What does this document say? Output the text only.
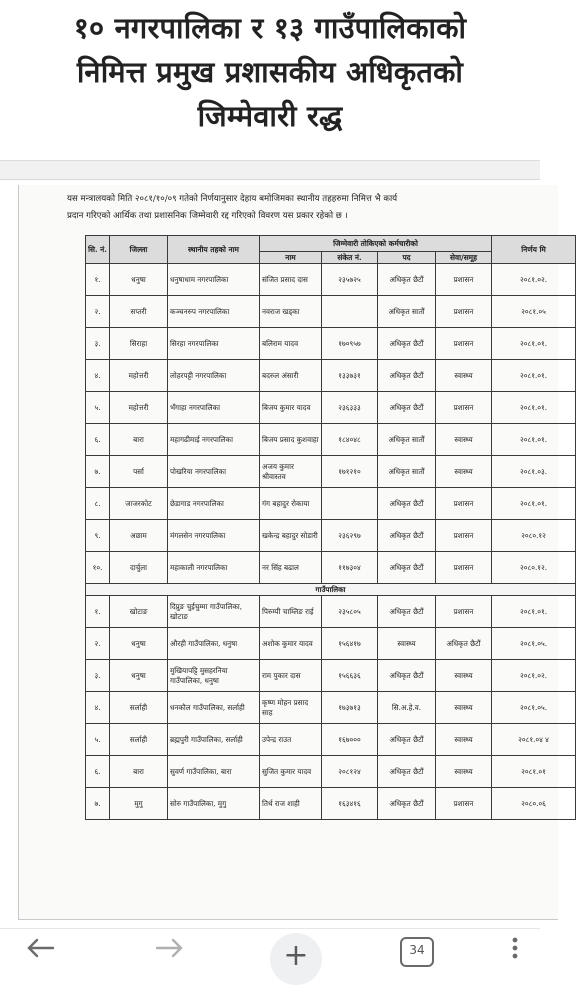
१० नगरपालिका र १३ गाउँपालिकाको
निमित्त प्रमुख प्रशासकीय अधिकृतको
जिम्मेवारी रद्ध
यस मन्त्रालयको मिति २०८१/१०/०९ गतेको निर्णयानुसार देहाय बमोजिमका स्थानीय तहहरुमा निमित्त भै कार्य
प्रदान गरिएको आर्थिक तथा प्रशासनिक जिम्मेवारी रद्द गरिएको विवरण यस प्रकार रहेको छ ।
सि. नं.	जिल्ला	स्थानीय तहको नाम	जिम्मेवारी तोकिएको कर्मचारीको				निर्णय मि
			नाम	संकेत नं.	पद	सेवा/समूह	
१.	धनुषा	धनुषाधाम नगरपालिका	संजित प्रसाद दास	२३५७२५	अधिकृत छैटौं	प्रशासन	२०८१.०२.
२.	सप्तरी	कञ्चनरुप नगरपालिका	नवराज खड्का		अधिकृत सातौं	प्रशासन	२०८१.०५
३.	सिराहा	सिरहा नगरपालिका	बलिराम यादव	१७०९५७	अधिकृत छैटौं	प्रशासन	२०८१.०१.
४.	महोत्तरी	लोहरपट्टी नगरपालिका	बदरुल अंसारी	१३३७३१	अधिकृत छैटौं	स्वास्थ्य	२०८१.०१.
५.	महोत्तरी	भँगाहा नगरपालिका	बिजय कुमार यादव	२३६३३३	अधिकृत छैटौं	प्रशासन	२०८१.०१.
६.	बारा	महागढीमाई नगरपालिका	बिजय प्रसाद कुशवाहा	१८४०४८	अधिकृत सातौं	स्वास्थ्य	२०८१.०१.
७.	पर्सा	पोखरिया नगरपालिका	अजय कुमार श्रीवास्तव	१७१२१०	अधिकृत सातौं	स्वास्थ्य	२०८१.०३.
८.	जाजरकोट	छेडागाड नगरपालिका	गंग बहादुर रोकाया		अधिकृत छैटौं	प्रशासन	२०८१.०१.
९.	अछाम	मंगलसेन नगरपालिका	खकेन्द्र बहादुर सोडारी	२३६२९७	अधिकृत छैटौं	प्रशासन	२०८०.१२
१०.	दार्चुला	महाकाली नगरपालिका	नर सिंह बढाल	११७३०४	अधिकृत छैटौं	प्रशासन	२०८०.१२.
गाउँपालिका							
१.	खोटाङ	दिप्रुङ चुईचुम्मा गाउँपालिका, खोटाङ	पिरुम्पी चाम्लिङ राई	२३५८०५	अधिकृत छैटौं	प्रशासन	२०८१.०१.
२.	धनुषा	औरही गाउँपालिका, धनुषा	अशोक कुमार यादव	१५६४१७	स्वास्थ्य	अधिकृत छैटौं	२०८१.०५.
३.	धनुषा	मुखियापट्टि मुसहरनिया गाउँपालिका, धनुषा	राम पुकार दास	१५६६३६	अधिकृत छैटौं	स्वास्थ्य	२०८१.०२.
४.	सर्लाही	धनकौल गाउँपालिका, सर्लाही	कृष्ण मोहन प्रसाद साह	१७३७१३	सि.अ.हे.व.	स्वास्थ्य	२०८१.०५.
५.	सर्लाही	ब्रह्मपुरी गाउँपालिका, सर्लाही	उपेन्द्र राउत	१६७०००	अधिकृत छैटौं	स्वास्थ्य	२०८१.०४ ४
६.	बारा	सुवर्ण गाउँपालिका, बारा	सुजित कुमार यादव	२०८१२४	अधिकृत छैटौं	स्वास्थ्य	२०८१.०१
७.	मुगु	सोरु गाउँपालिका, मुगु	तिर्थ राज शाही	१६३४१६	अधिकृत छैटौं	प्रशासन	२०८०.०६
+	34
